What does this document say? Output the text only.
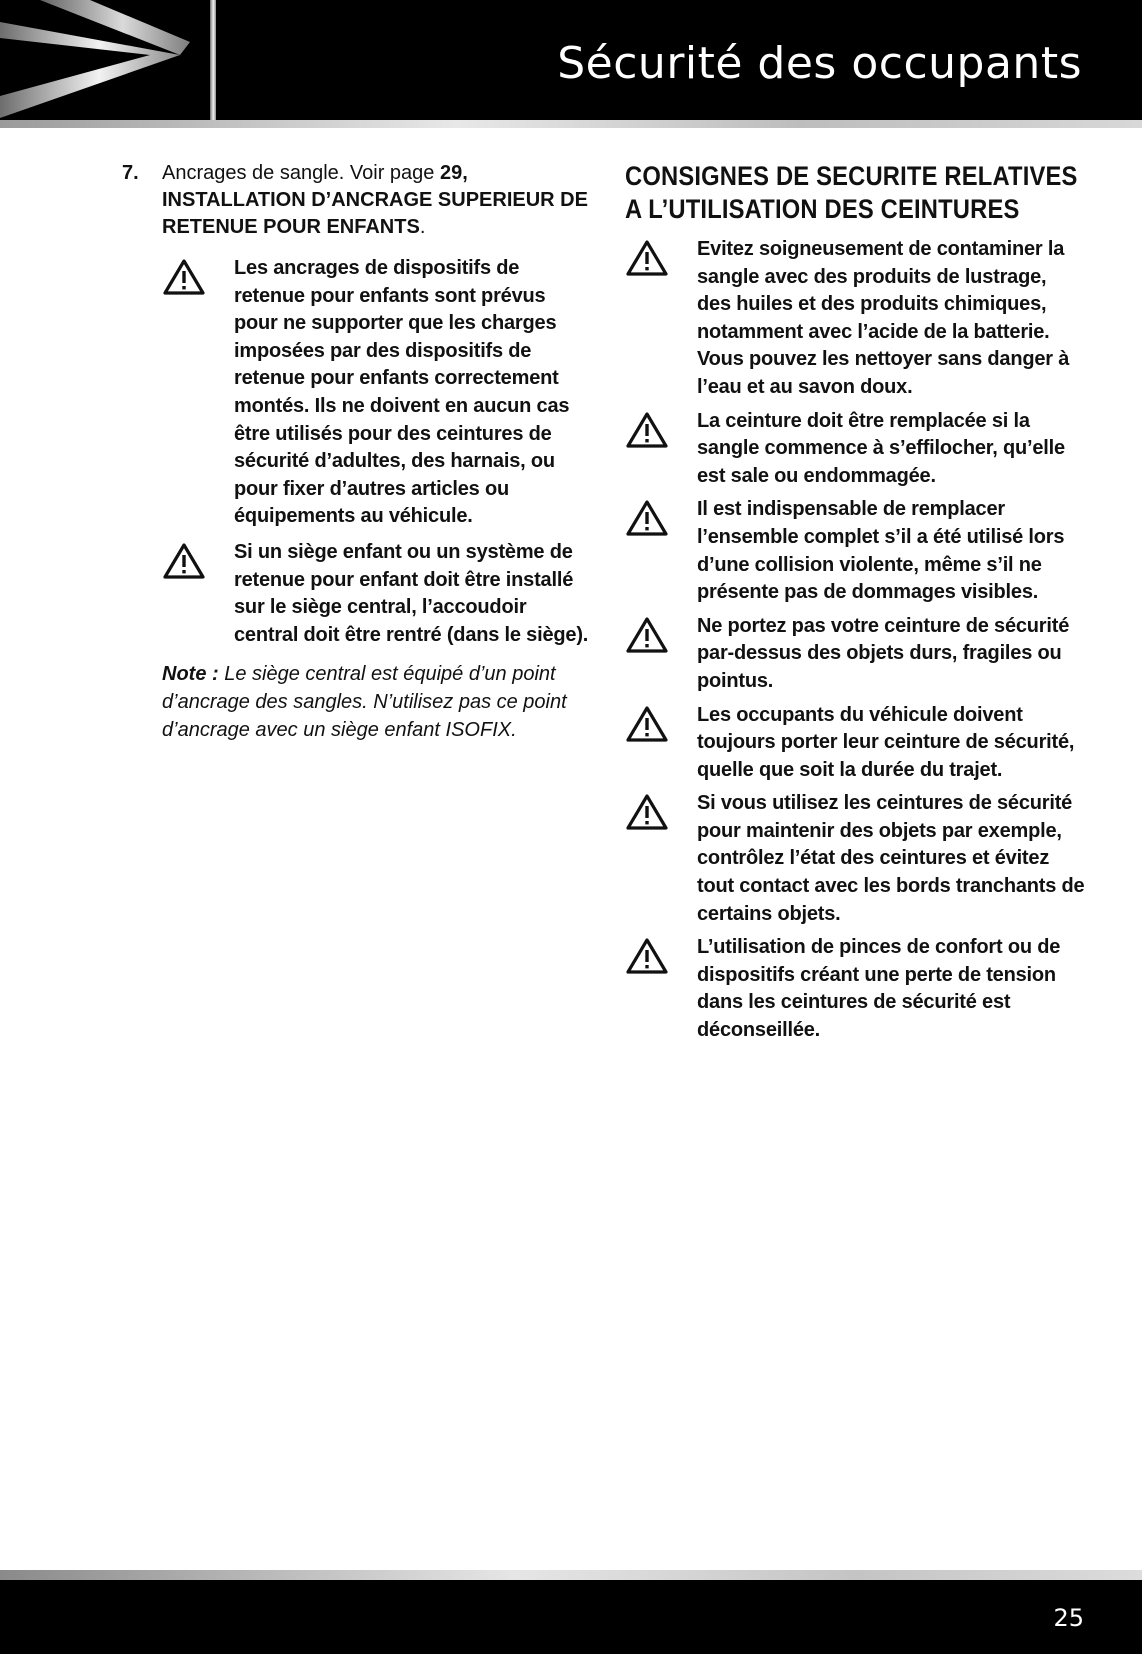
Sécurité des occupants
7. Ancrages de sangle. Voir page 29, INSTALLATION D’ANCRAGE SUPERIEUR DE RETENUE POUR ENFANTS.
Les ancrages de dispositifs de retenue pour enfants sont prévus pour ne supporter que les charges imposées par des dispositifs de retenue pour enfants correctement montés. Ils ne doivent en aucun cas être utilisés pour des ceintures de sécurité d’adultes, des harnais, ou pour fixer d’autres articles ou équipements au véhicule.
Si un siège enfant ou un système de retenue pour enfant doit être installé sur le siège central, l’accoudoir central doit être rentré (dans le siège).
Note : Le siège central est équipé d’un point d’ancrage des sangles. N’utilisez pas ce point d’ancrage avec un siège enfant ISOFIX.
CONSIGNES DE SECURITE RELATIVES A L’UTILISATION DES CEINTURES
Evitez soigneusement de contaminer la sangle avec des produits de lustrage, des huiles et des produits chimiques, notamment avec l’acide de la batterie. Vous pouvez les nettoyer sans danger à l’eau et au savon doux.
La ceinture doit être remplacée si la sangle commence à s’effilocher, qu’elle est sale ou endommagée.
Il est indispensable de remplacer l’ensemble complet s’il a été utilisé lors d’une collision violente, même s’il ne présente pas de dommages visibles.
Ne portez pas votre ceinture de sécurité par-dessus des objets durs, fragiles ou pointus.
Les occupants du véhicule doivent toujours porter leur ceinture de sécurité, quelle que soit la durée du trajet.
Si vous utilisez les ceintures de sécurité pour maintenir des objets par exemple, contrôlez l’état des ceintures et évitez tout contact avec les bords tranchants de certains objets.
L’utilisation de pinces de confort ou de dispositifs créant une perte de tension dans les ceintures de sécurité est déconseillée.
25
